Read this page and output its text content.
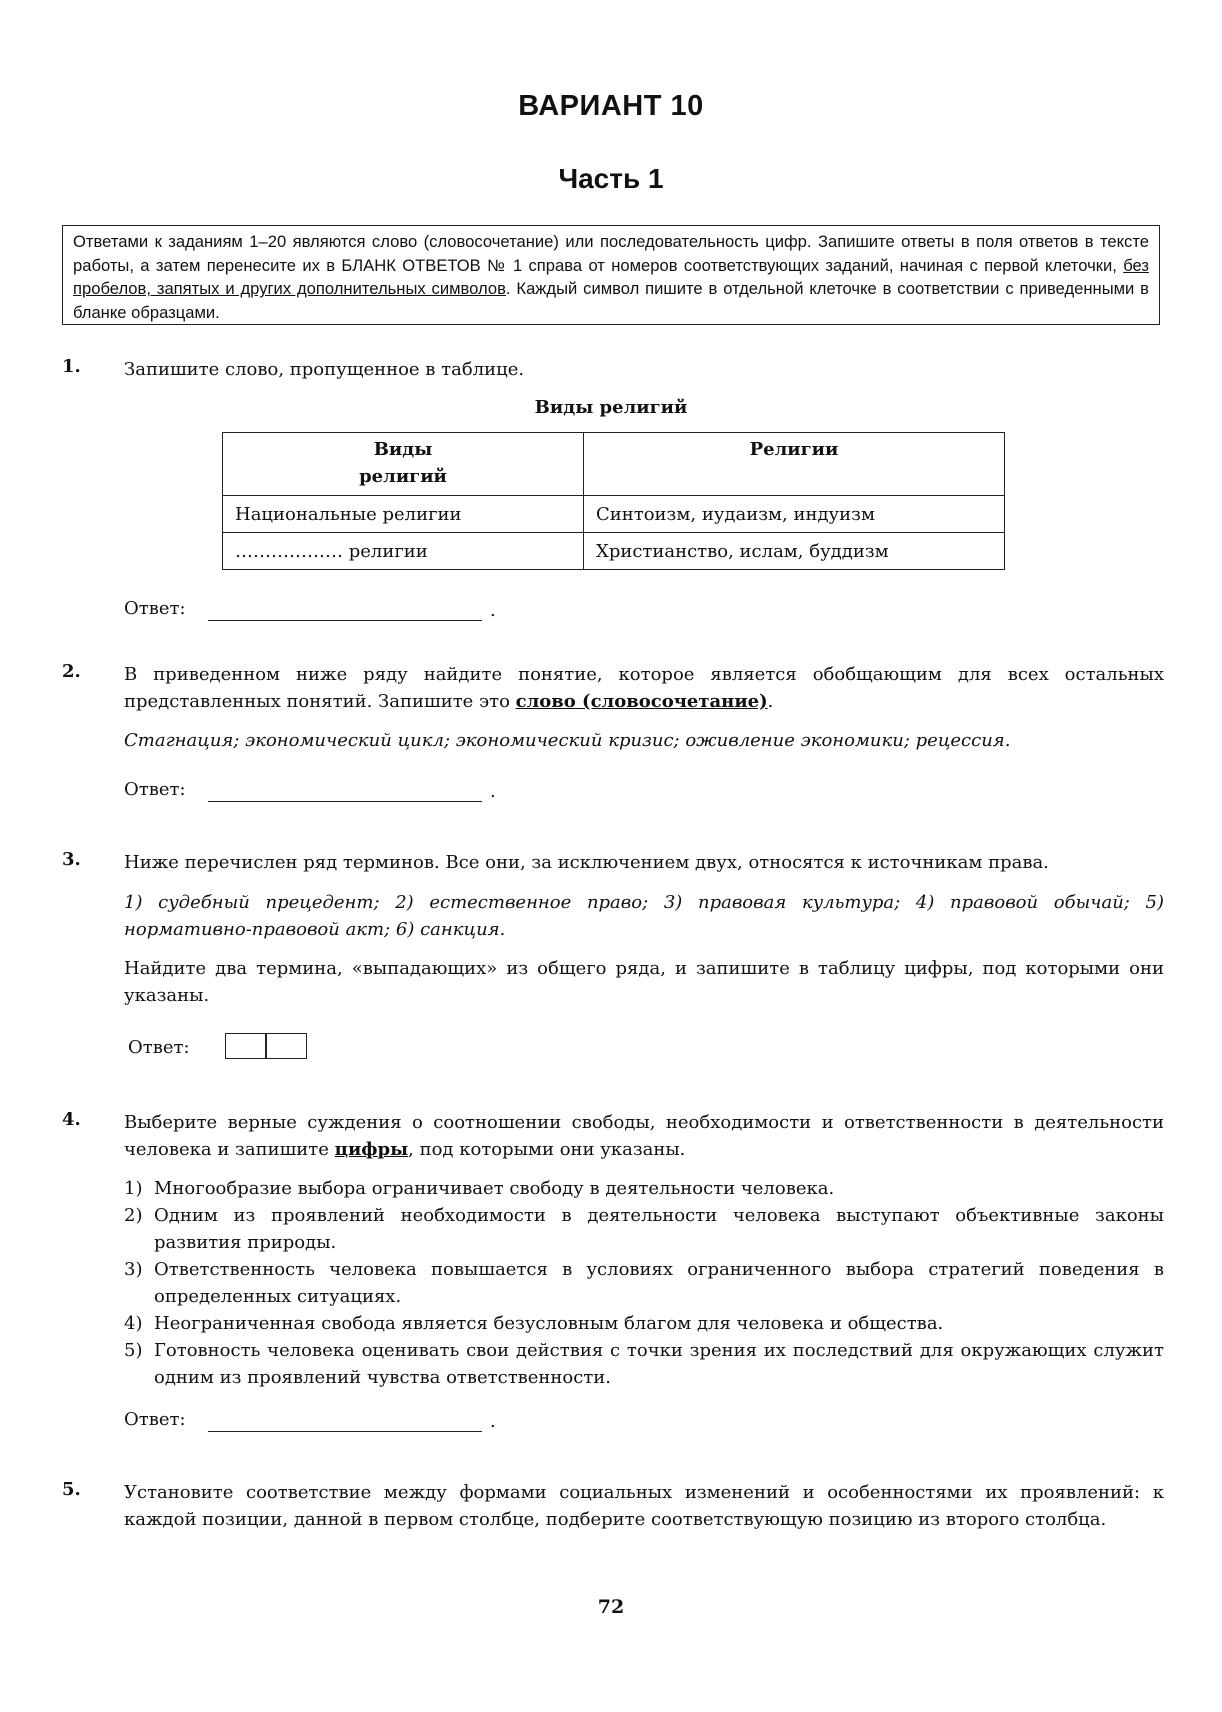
ВАРИАНТ 10
Часть 1
Ответами к заданиям 1–20 являются слово (словосочетание) или последовательность цифр. Запишите ответы в поля ответов в тексте работы, а затем перенесите их в БЛАНК ОТВЕТОВ № 1 справа от номеров соответствующих заданий, начиная с первой клеточки, без пробелов, запятых и других дополнительных символов. Каждый символ пишите в отдельной клеточке в соответствии с приведенными в бланке образцами.
1. Запишите слово, пропущенное в таблице.
Виды религий
Виды религий	Религии
Национальные религии	Синтоизм, иудаизм, индуизм
……………… религии	Христианство, ислам, буддизм
Ответ:	.
2. В приведенном ниже ряду найдите понятие, которое является обобщающим для всех остальных представленных понятий. Запишите это слово (словосочетание).
Стагнация; экономический цикл; экономический кризис; оживление экономики; рецессия.
Ответ:	.
3. Ниже перечислен ряд терминов. Все они, за исключением двух, относятся к источникам права.
1) судебный прецедент; 2) естественное право; 3) правовая культура; 4) правовой обычай; 5) нормативно-правовой акт; 6) санкция.
Найдите два термина, «выпадающих» из общего ряда, и запишите в таблицу цифры, под которыми они указаны.
Ответ:
4. Выберите верные суждения о соотношении свободы, необходимости и ответственности в деятельности человека и запишите цифры, под которыми они указаны.
1) Многообразие выбора ограничивает свободу в деятельности человека.
2) Одним из проявлений необходимости в деятельности человека выступают объективные законы развития природы.
3) Ответственность человека повышается в условиях ограниченного выбора стратегий поведения в определенных ситуациях.
4) Неограниченная свобода является безусловным благом для человека и общества.
5) Готовность человека оценивать свои действия с точки зрения их последствий для окружающих служит одним из проявлений чувства ответственности.
Ответ:	.
5. Установите соответствие между формами социальных изменений и особенностями их проявлений: к каждой позиции, данной в первом столбце, подберите соответствующую позицию из второго столбца.
72
